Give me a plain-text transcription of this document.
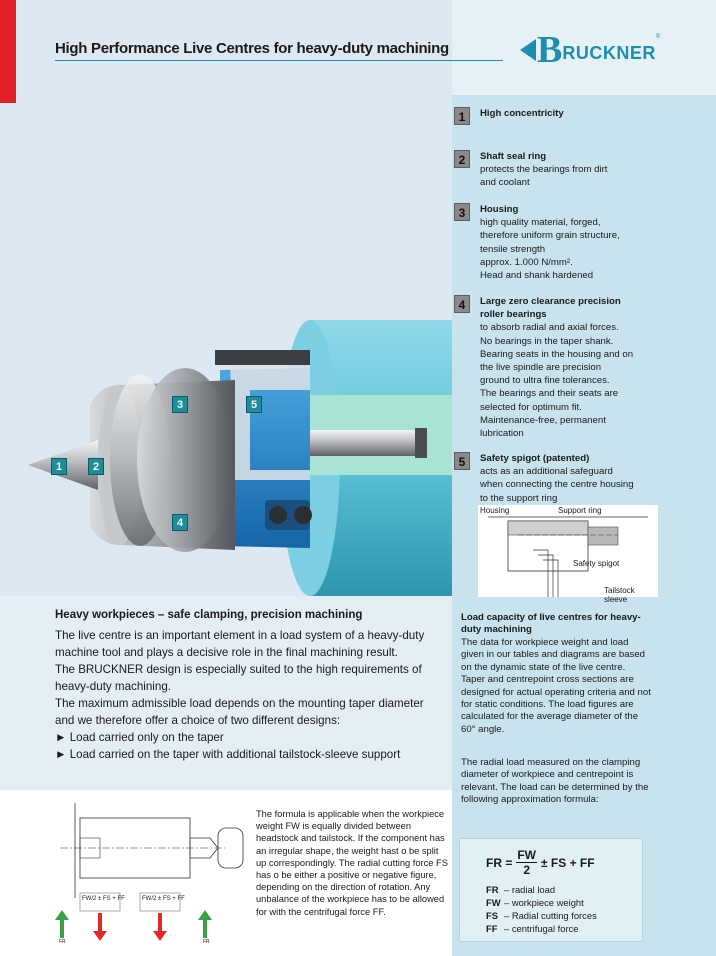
High Performance Live Centres for heavy-duty machining B RUCKNER
®
1	High concentricity
2	Shaft seal ring
protects the bearings from dirt
and coolant
3	Housing
high quality material, forged,
therefore uniform grain structure,
tensile strength
approx. 1.000 N/mm².
Head and shank hardened
4	Large zero clearance precision roller bearings
to absorb radial and axial forces.
No bearings in the taper shank.
Bearing seats in the housing and on
the live spindle are precision
ground to ultra fine tolerances.
The bearings and their seats are
selected for optimum fit.
Maintenance-free, permanent
lubrication
5	Safety spigot (patented)
acts as an additional safeguard
when connecting the centre housing
to the support ring
1	2
3
4
5
Housing	Support ring
Safety spigot
Tailstock sleeve
Heavy workpieces – safe clamping, precision machining
The live centre is an important element in a load system of a heavy-duty machine tool and plays a decisive role in the final machining result.
The BRUCKNER design is especially suited to the high requirements of heavy-duty machining.
The maximum admissible load depends on the mounting taper diameter and we therefore offer a choice of two different designs:
► Load carried only on the taper
► Load carried on the taper with additional tailstock-sleeve support
FW/2 ± FS + FF	FW/2 ± FS + FF
FR	FR
The formula is applicable when the workpiece weight FW is equally divided between headstock and tailstock. If the component has an irregular shape, the weight hast o be split up correspondingly. The radial cutting force FS has o be either a positive or negative figure, depending on the direction of rotation. Any unbalance of the workpiece has to be allowed for with the centrifugal force FF.
Load capacity of live centres for heavy-duty machining
The data for workpiece weight and load given in our tables and diagrams are based on the dynamic state of the live centre. Taper and centrepoint cross sections are designed for actual operating criteria and not for static conditions. The load figures are calculated for the average diameter of the 60° angle.
The radial load measured on the clamping diameter of workpiece and centrepoint is relevant. The load can be determined by the following approximation formula:
FR = $\frac{FW}{2}$ ± FS + FF
FR – radial load
FW – workpiece weight
FS – Radial cutting forces
FF – centrifugal force
